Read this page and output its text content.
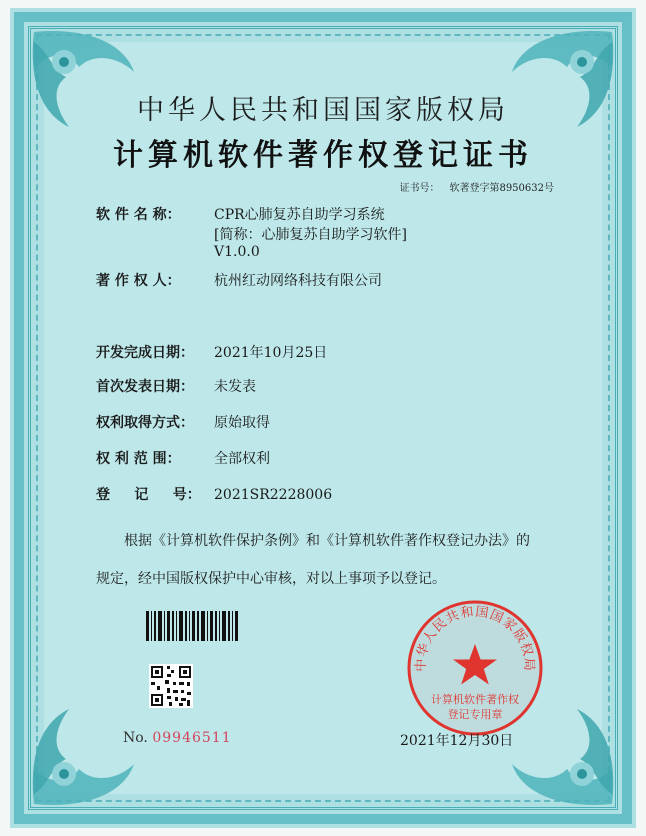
中华人民共和国国家版权局
计算机软件著作权登记证书
证书号： 软著登字第8950632号
软 件 名 称：	CPR心肺复苏自助学习系统
[简称：心肺复苏自助学习软件]
V1.0.0
著 作 权 人： 杭州红动网络科技有限公司
开发完成日期： 2021年10月25日
首次发表日期： 未发表
权利取得方式： 原始取得
权 利 范 围： 全部权利
登     记     号： 2021SR2228006
根据《计算机软件保护条例》和《计算机软件著作权登记办法》的
规定，经中国版权保护中心审核，对以上事项予以登记。
No. 09946511
中华人民共和国国家版权局
计算机软件著作权
登记专用章
2021年12月30日
